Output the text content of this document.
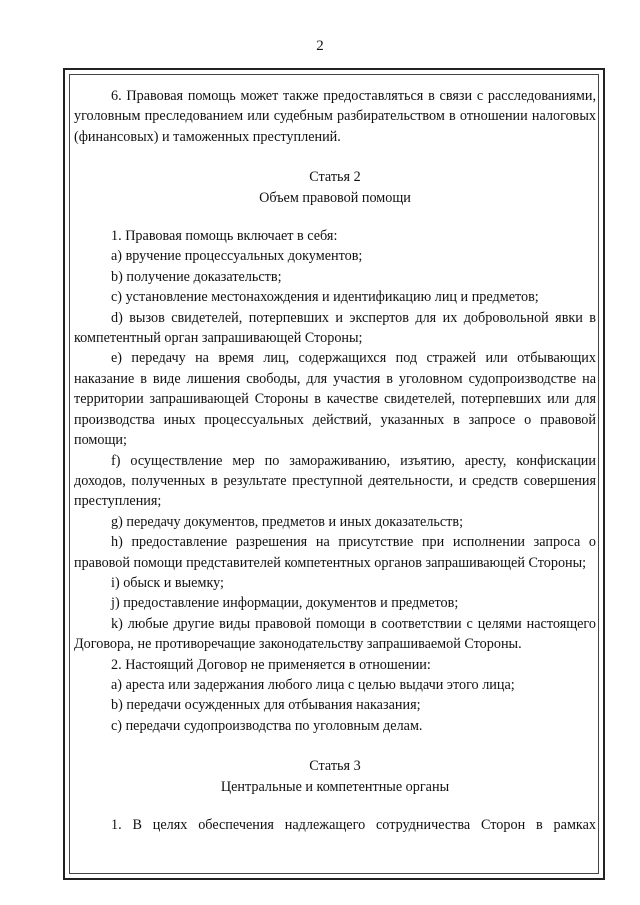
2

6. Правовая помощь может также предоставляться в связи с расследованиями, уголовным преследованием или судебным разбирательством в отношении налоговых (финансовых) и таможенных преступлений.

Статья 2
Объем правовой помощи

1. Правовая помощь включает в себя:

a) вручение процессуальных документов;

b) получение доказательств;

c) установление местонахождения и идентификацию лиц и предметов;

d) вызов свидетелей, потерпевших и экспертов для их добровольной явки в компетентный орган запрашивающей Стороны;

e) передачу на время лиц, содержащихся под стражей или отбывающих наказание в виде лишения свободы, для участия в уголовном судопроизводстве на территории запрашивающей Стороны в качестве свидетелей, потерпевших или для производства иных процессуальных действий, указанных в запросе о правовой помощи;

f) осуществление мер по замораживанию, изъятию, аресту, конфискации доходов, полученных в результате преступной деятельности, и средств совершения преступления;

g) передачу документов, предметов и иных доказательств;

h) предоставление разрешения на присутствие при исполнении запроса о правовой помощи представителей компетентных органов запрашивающей Стороны;

i) обыск и выемку;

j) предоставление информации, документов и предметов;

k) любые другие виды правовой помощи в соответствии с целями настоящего Договора, не противоречащие законодательству запрашиваемой Стороны.

2. Настоящий Договор не применяется в отношении:

a) ареста или задержания любого лица с целью выдачи этого лица;

b) передачи осужденных для отбывания наказания;

c) передачи судопроизводства по уголовным делам.

Статья 3
Центральные и компетентные органы

1. В целях обеспечения надлежащего сотрудничества Сторон в рамках
